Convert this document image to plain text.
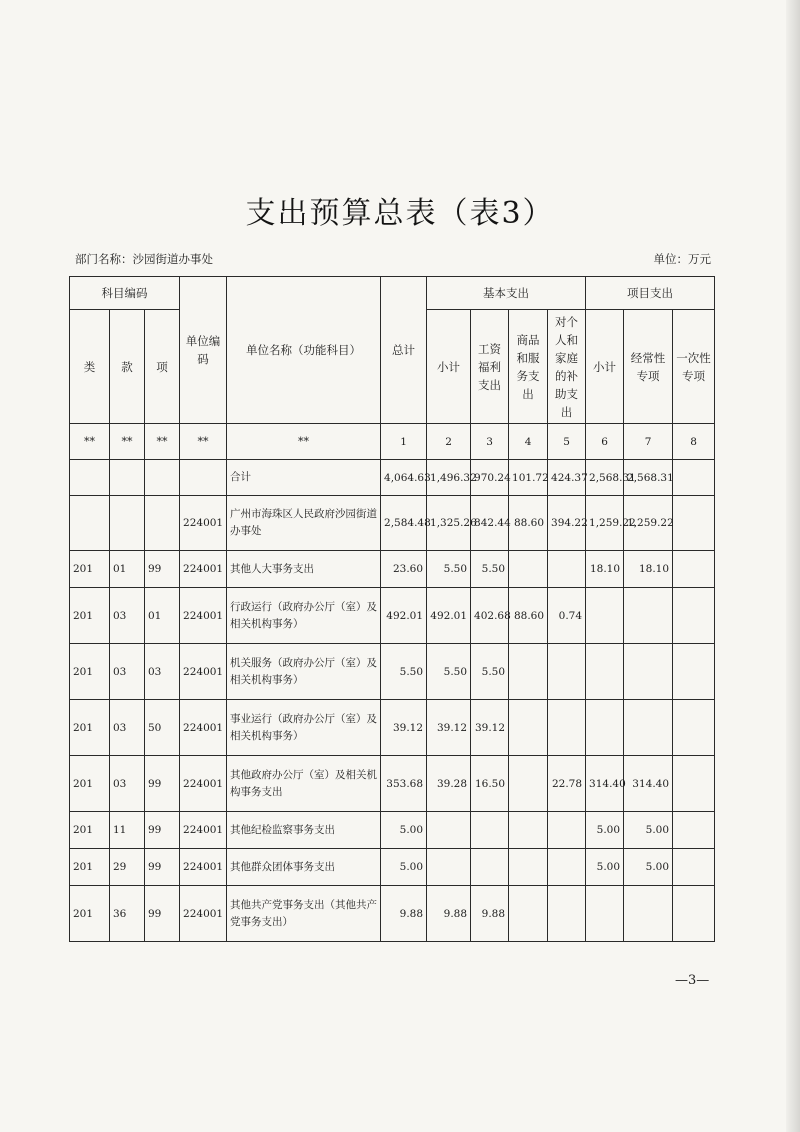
支出预算总表（表3）
部门名称：沙园街道办事处	单位：万元
科目编码			单位编码	单位名称（功能科目）	总计	基本支出				项目支出		
类	款	项				小计	工资福利支出	商品和服务支出	对个人和家庭的补助支出	小计	经常性专项	一次性专项
**	**	**	**	**	1	2	3	4	5	6	7	8
				合计	4,064.63	1,496.32	970.24	101.72	424.37	2,568.31	2,568.31	
			224001	广州市海珠区人民政府沙园街道办事处	2,584.48	1,325.26	842.44	88.60	394.22	1,259.22	1,259.22	
201	01	99	224001	其他人大事务支出	23.60	5.50	5.50			18.10	18.10	
201	03	01	224001	行政运行（政府办公厅（室）及相关机构事务）	492.01	492.01	402.68	88.60	0.74			
201	03	03	224001	机关服务（政府办公厅（室）及相关机构事务）	5.50	5.50	5.50					
201	03	50	224001	事业运行（政府办公厅（室）及相关机构事务）	39.12	39.12	39.12					
201	03	99	224001	其他政府办公厅（室）及相关机构事务支出	353.68	39.28	16.50		22.78	314.40	314.40	
201	11	99	224001	其他纪检监察事务支出	5.00					5.00	5.00	
201	29	99	224001	其他群众团体事务支出	5.00					5.00	5.00	
201	36	99	224001	其他共产党事务支出（其他共产党事务支出）	9.88	9.88	9.88					
—3—
